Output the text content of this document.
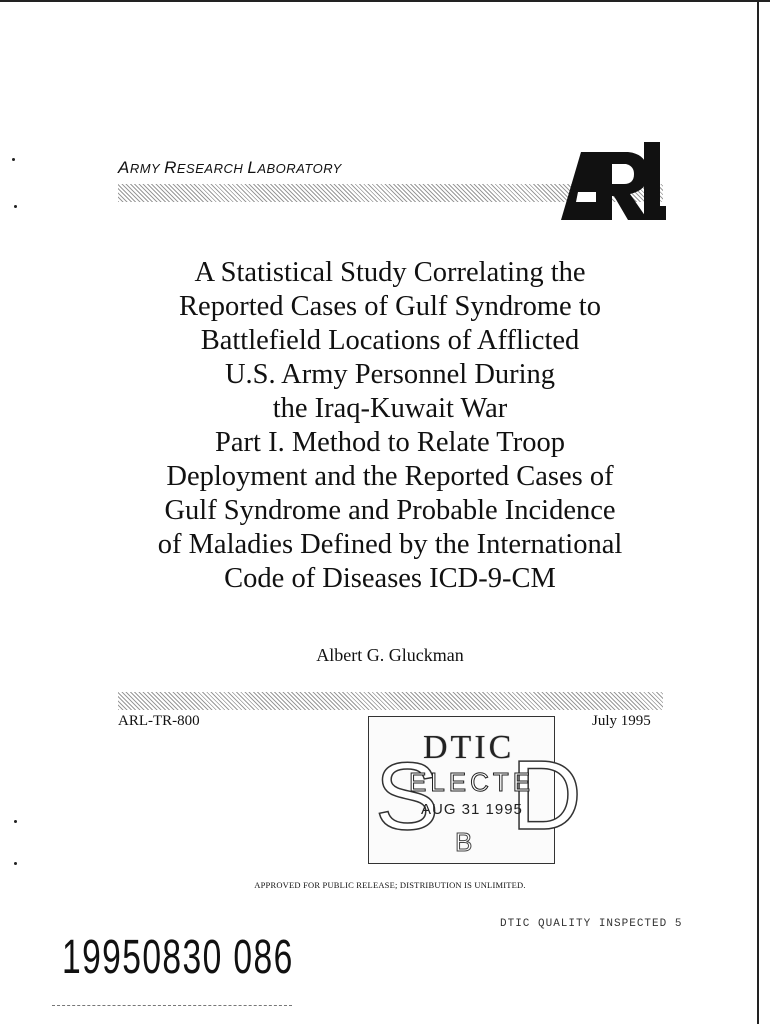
ARMY RESEARCH LABORATORY
A Statistical Study Correlating the
Reported Cases of Gulf Syndrome to
Battlefield Locations of Afflicted
U.S. Army Personnel During
the Iraq-Kuwait War
Part I. Method to Relate Troop
Deployment and the Reported Cases of
Gulf Syndrome and Probable Incidence
of Maladies Defined by the International
Code of Diseases ICD-9-CM
Albert G. Gluckman
ARL-TR-800	July 1995
S D
DTIC
ELECTE
AUG 31 1995
B
APPROVED FOR PUBLIC RELEASE; DISTRIBUTION IS UNLIMITED.
DTIC QUALITY INSPECTED 5
19950830 086
